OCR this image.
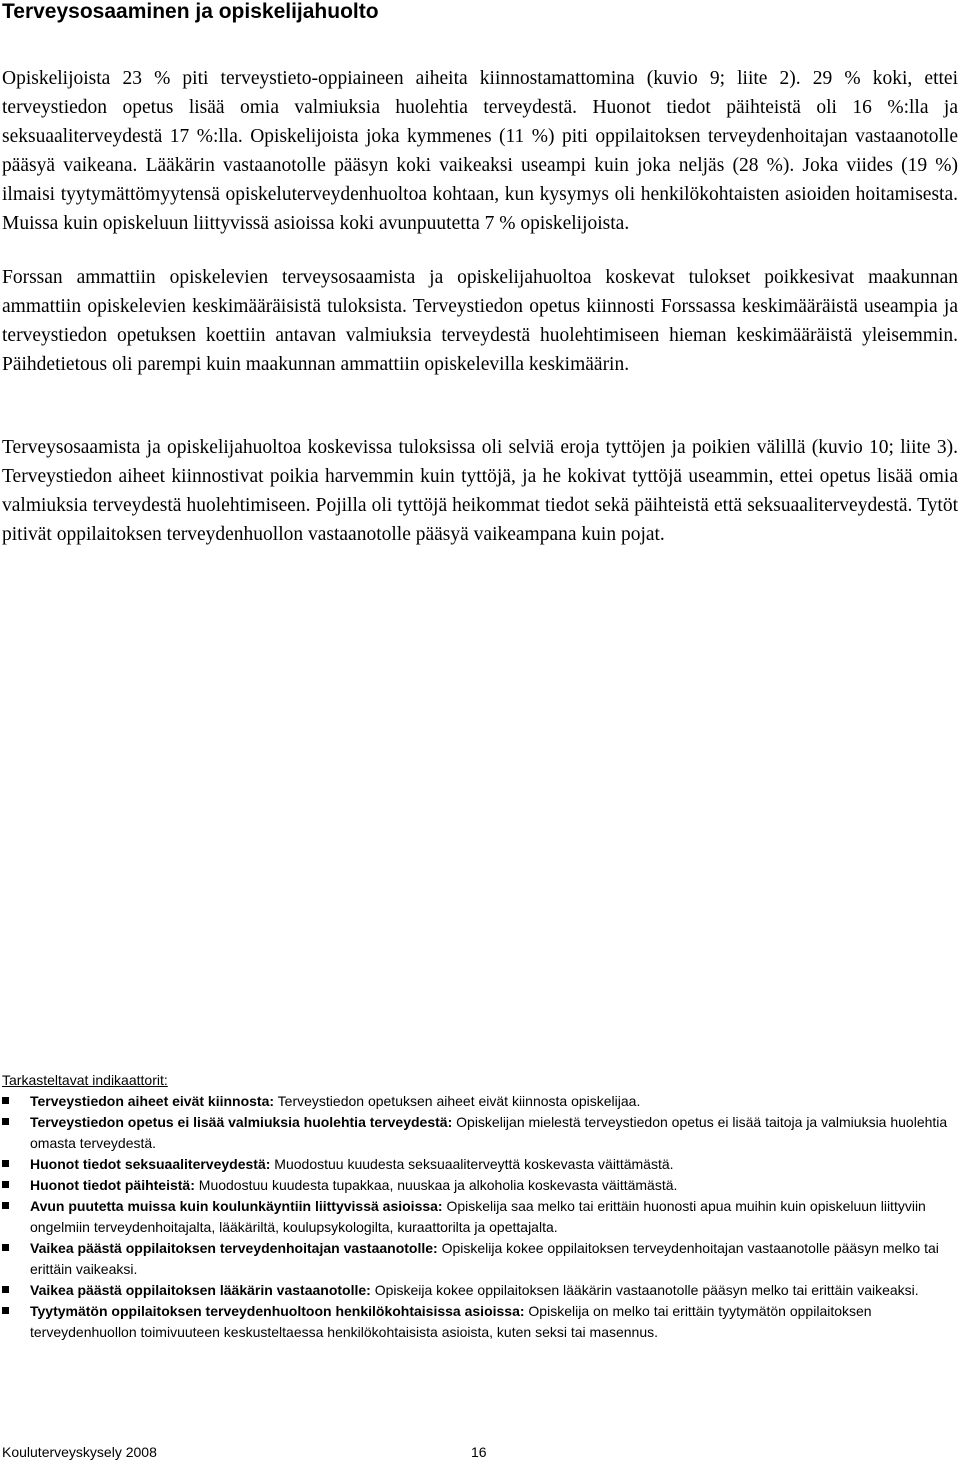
Terveysosaaminen ja opiskelijahuolto

Opiskelijoista 23 % piti terveystieto-oppiaineen aiheita kiinnostamattomina (kuvio 9; liite 2). 29 % koki, ettei terveystiedon opetus lisää omia valmiuksia huolehtia terveydestä. Huonot tiedot päihteistä oli 16 %:lla ja seksuaaliterveydestä 17 %:lla. Opiskelijoista joka kymmenes (11 %) piti oppilaitoksen terveydenhoitajan vastaanotolle pääsyä vaikeana. Lääkärin vastaanotolle pääsyn koki vaikeaksi useampi kuin joka neljäs (28 %). Joka viides (19 %) ilmaisi tyytymättömyytensä opiskeluterveydenhuoltoa kohtaan, kun kysymys oli henkilökohtaisten asioiden hoitamisesta. Muissa kuin opiskeluun liittyvissä asioissa koki avunpuutetta 7 % opiskelijoista.

Forssan ammattiin opiskelevien terveysosaamista ja opiskelijahuoltoa koskevat tulokset poikkesivat maakunnan ammattiin opiskelevien keskimääräisistä tuloksista. Terveystiedon opetus kiinnosti Forssassa keskimääräistä useampia ja terveystiedon opetuksen koettiin antavan valmiuksia terveydestä huolehtimiseen hieman keskimääräistä yleisemmin. Päihdetietous oli parempi kuin maakunnan ammattiin opiskelevilla keskimäärin.

Terveysosaamista ja opiskelijahuoltoa koskevissa tuloksissa oli selviä eroja tyttöjen ja poikien välillä (kuvio 10; liite 3). Terveystiedon aiheet kiinnostivat poikia harvemmin kuin tyttöjä, ja he kokivat tyttöjä useammin, ettei opetus lisää omia valmiuksia terveydestä huolehtimiseen. Pojilla oli tyttöjä heikommat tiedot sekä päihteistä että seksuaaliterveydestä. Tytöt pitivät oppilaitoksen terveydenhuollon vastaanotolle pääsyä vaikeampana kuin pojat.

Tarkasteltavat indikaattorit:
Terveystiedon aiheet eivät kiinnosta: Terveystiedon opetuksen aiheet eivät kiinnosta opiskelijaa.
Terveystiedon opetus ei lisää valmiuksia huolehtia terveydestä: Opiskelijan mielestä terveystiedon opetus ei lisää taitoja ja valmiuksia huolehtia omasta terveydestä.
Huonot tiedot seksuaaliterveydestä: Muodostuu kuudesta seksuaaliterveyttä koskevasta väittämästä.
Huonot tiedot päihteistä: Muodostuu kuudesta tupakkaa, nuuskaa ja alkoholia koskevasta väittämästä.
Avun puutetta muissa kuin koulunkäyntiin liittyvissä asioissa: Opiskelija saa melko tai erittäin huonosti apua muihin kuin opiskeluun liittyviin ongelmiin terveydenhoitajalta, lääkäriltä, koulupsykologilta, kuraattorilta ja opettajalta.
Vaikea päästä oppilaitoksen terveydenhoitajan vastaanotolle: Opiskelija kokee oppilaitoksen terveydenhoitajan vastaanotolle pääsyn melko tai erittäin vaikeaksi.
Vaikea päästä oppilaitoksen lääkärin vastaanotolle: Opiskeija kokee oppilaitoksen lääkärin vastaanotolle pääsyn melko tai erittäin vaikeaksi.
Tyytymätön oppilaitoksen terveydenhuoltoon henkilökohtaisissa asioissa: Opiskelija on melko tai erittäin tyytymätön oppilaitoksen terveydenhuollon toimivuuteen keskusteltaessa henkilökohtaisista asioista, kuten seksi tai masennus.
Kouluterveyskysely 2008	16
